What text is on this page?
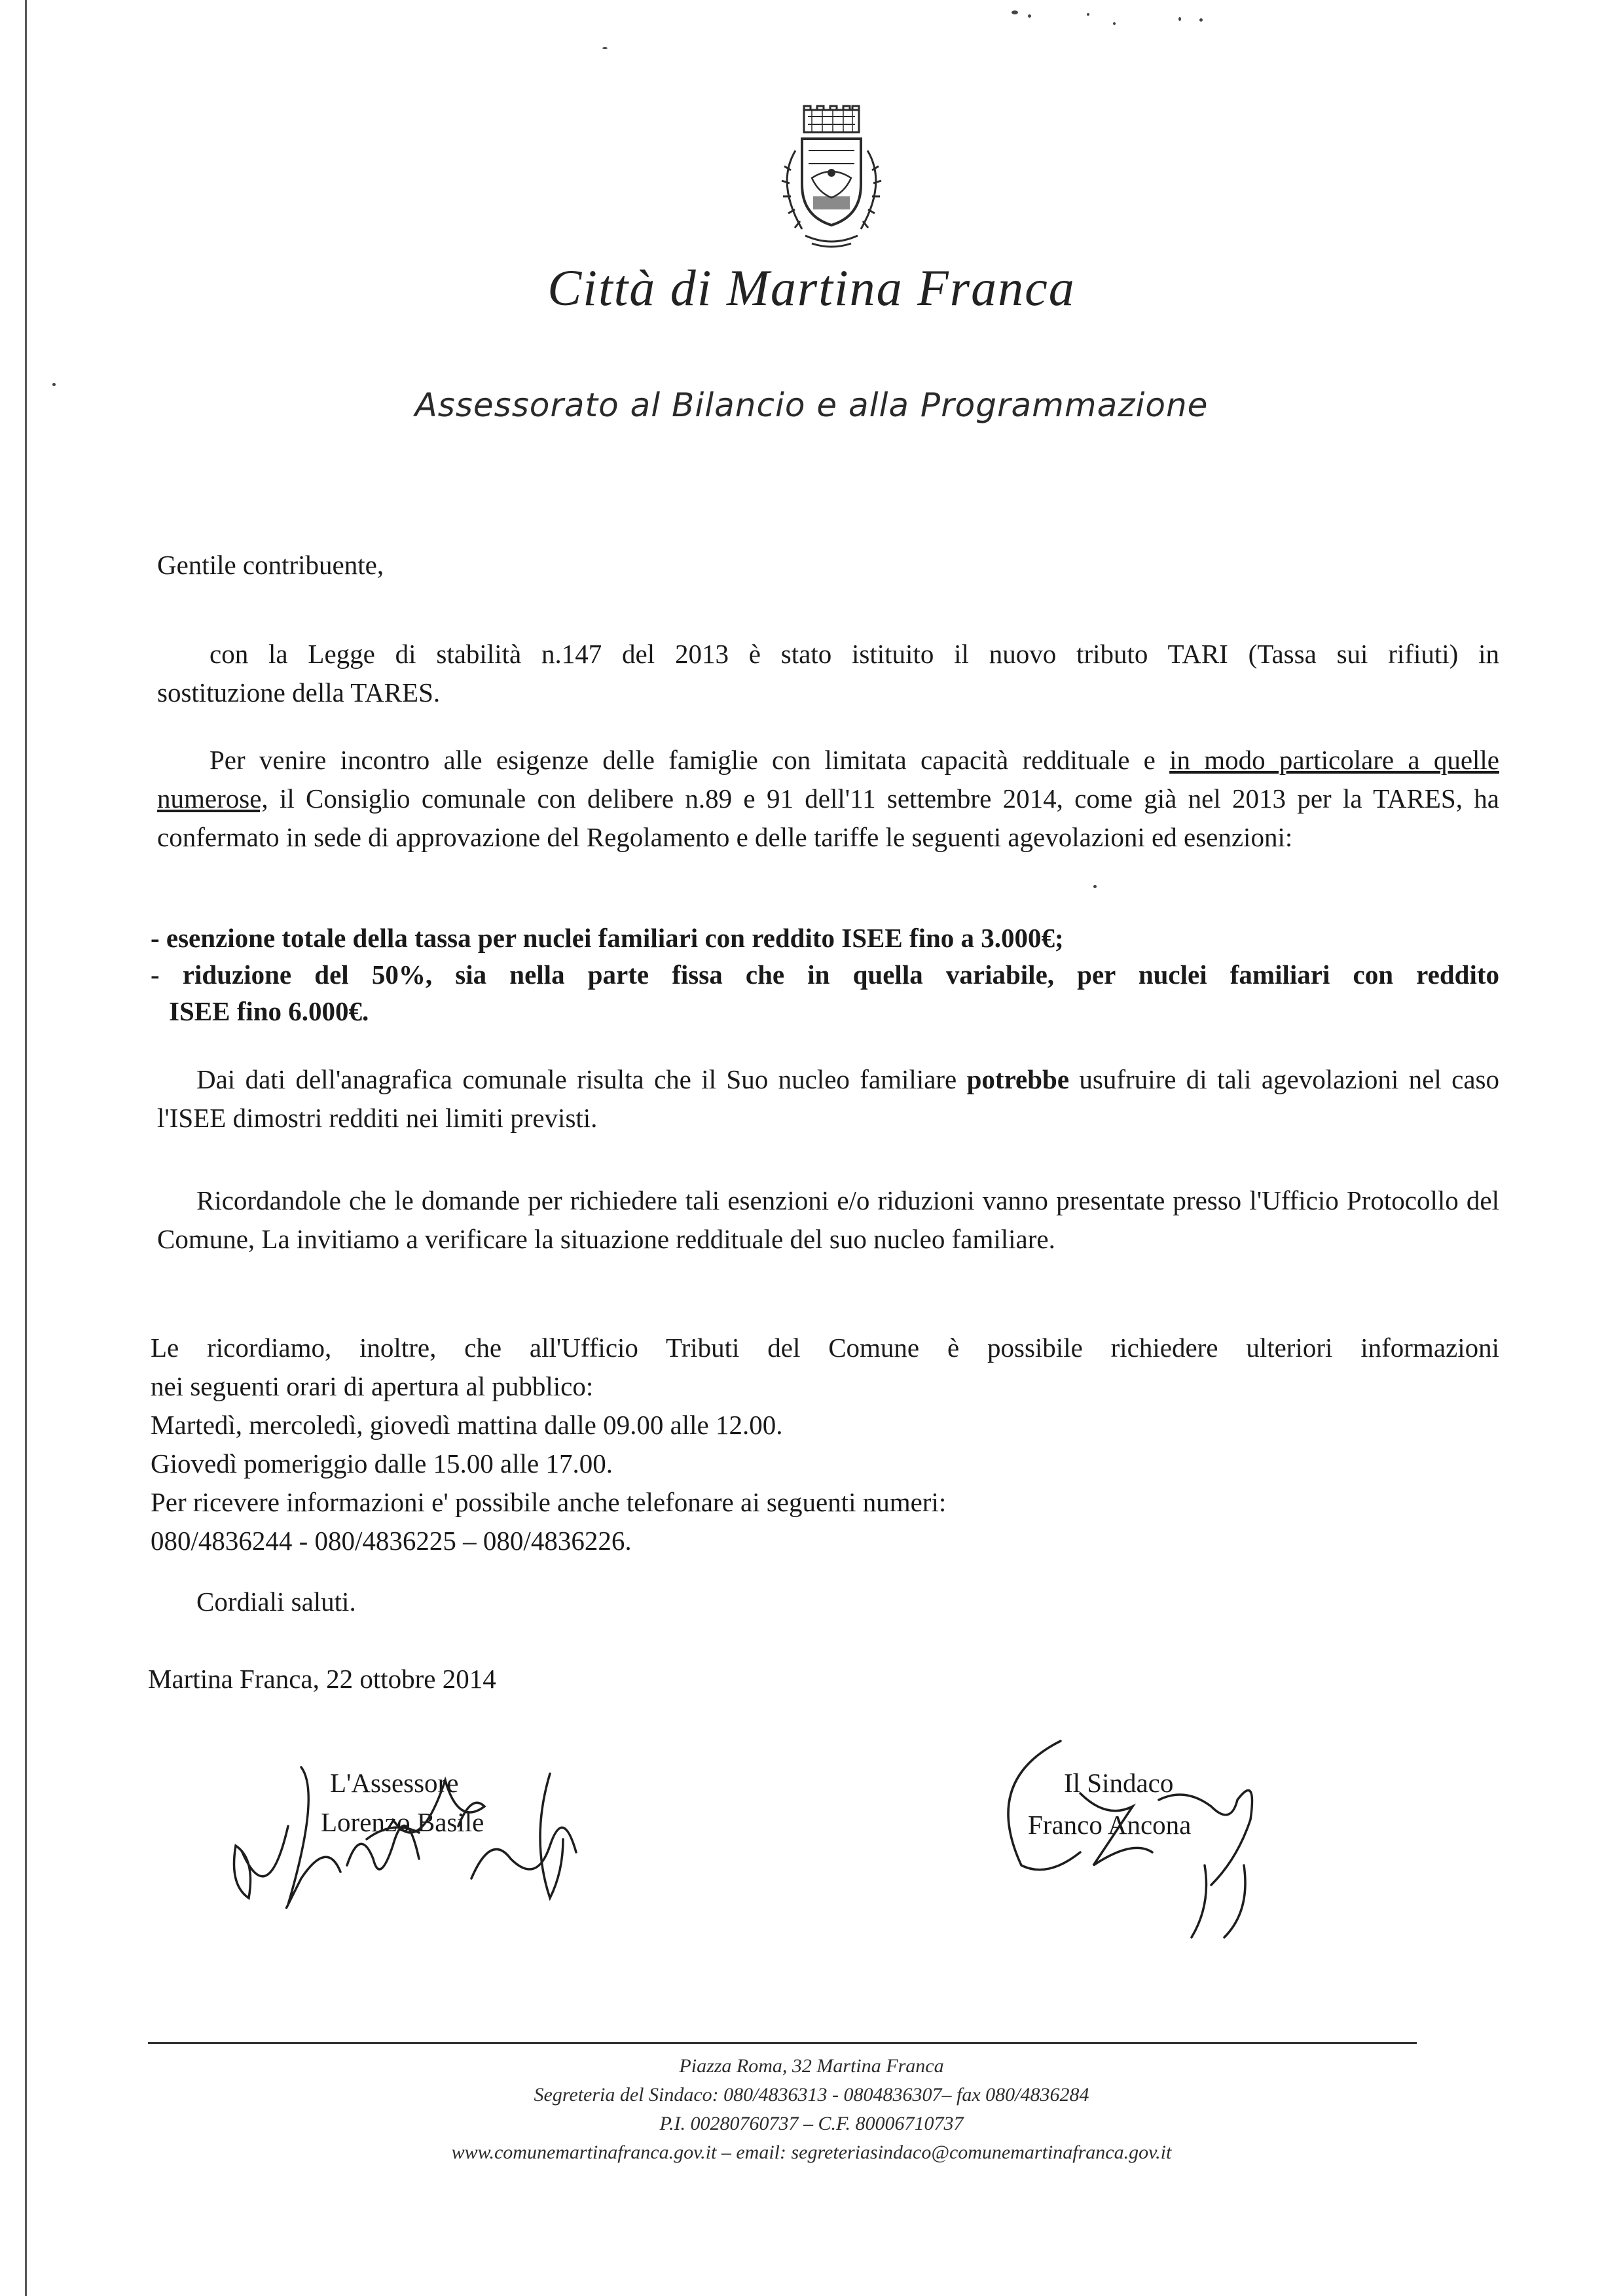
Città di Martina Franca
Assessorato al Bilancio e alla Programmazione
Gentile contribuente,
con la Legge di stabilità n.147 del 2013 è stato istituito il nuovo tributo TARI (Tassa sui rifiuti) in
sostituzione della TARES.
Per venire incontro alle esigenze delle famiglie con limitata capacità reddituale e in modo particolare a quelle numerose, il Consiglio comunale con delibere n.89 e 91 dell'11 settembre 2014, come già nel 2013 per la TARES, ha confermato in sede di approvazione del Regolamento e delle tariffe le seguenti agevolazioni ed esenzioni:
- esenzione totale della tassa per nuclei familiari con reddito ISEE fino a 3.000€;
- riduzione del 50%, sia nella parte fissa che in quella variabile, per nuclei familiari con reddito
ISEE fino 6.000€.
Dai dati dell'anagrafica comunale risulta che il Suo nucleo familiare potrebbe usufruire di tali agevolazioni nel caso l'ISEE dimostri redditi nei limiti previsti.
Ricordandole che le domande per richiedere tali esenzioni e/o riduzioni vanno presentate presso l'Ufficio Protocollo del Comune, La invitiamo a verificare la situazione reddituale del suo nucleo familiare.
Le ricordiamo, inoltre, che all'Ufficio Tributi del Comune è possibile richiedere ulteriori informazioni
nei seguenti orari di apertura al pubblico:
Martedì, mercoledì, giovedì mattina dalle 09.00 alle 12.00.
Giovedì pomeriggio dalle 15.00 alle 17.00.
Per ricevere informazioni e' possibile anche telefonare ai seguenti numeri:
080/4836244 - 080/4836225 – 080/4836226.
Cordiali saluti.
Martina Franca, 22 ottobre 2014
L'Assessore
Lorenzo Basile
Il Sindaco
Franco Ancona
Piazza Roma, 32 Martina Franca
Segreteria del Sindaco: 080/4836313 - 0804836307– fax 080/4836284
P.I. 00280760737 – C.F. 80006710737
www.comunemartinafranca.gov.it – email: segreteriasindaco@comunemartinafranca.gov.it
